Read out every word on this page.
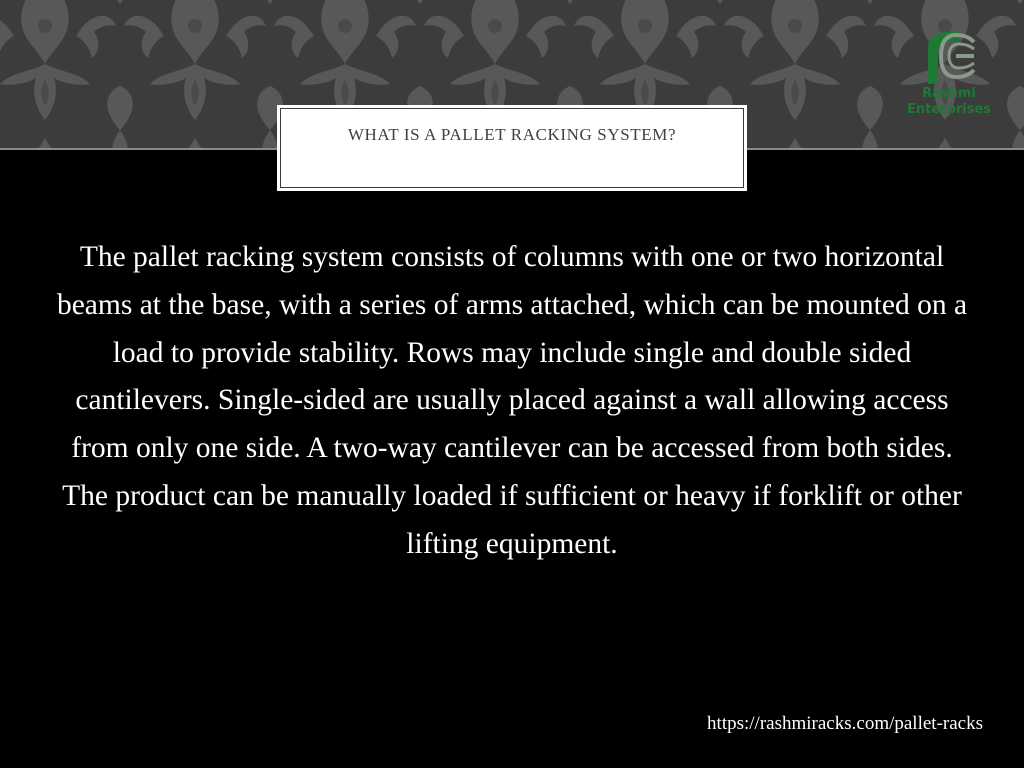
Rashmi
Enterprises
WHAT IS A PALLET RACKING SYSTEM?

The pallet racking system consists of columns with one or two horizontal beams at the base, with a series of arms attached, which can be mounted on a load to provide stability. Rows may include single and double sided cantilevers. Single-sided are usually placed against a wall allowing access from only one side. A two-way cantilever can be accessed from both sides. The product can be manually loaded if sufficient or heavy if forklift or other lifting equipment.

https://rashmiracks.com/pallet-racks
